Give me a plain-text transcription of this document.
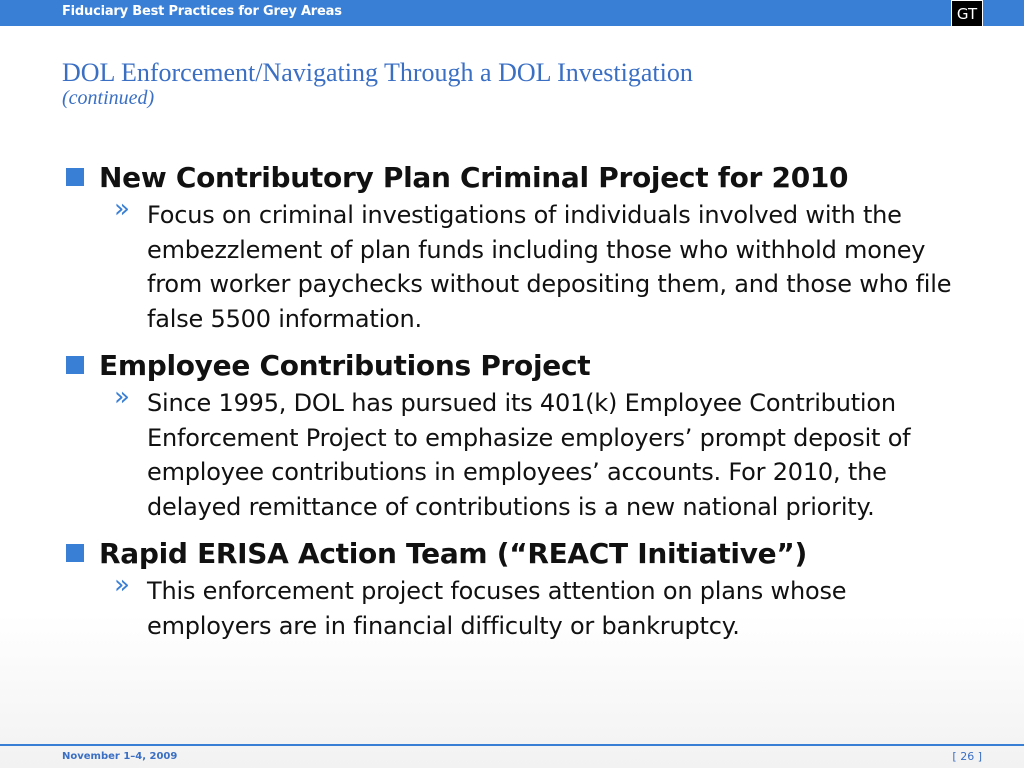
Fiduciary Best Practices for Grey Areas	GT
DOL Enforcement/Navigating Through a DOL Investigation
(continued)
New Contributory Plan Criminal Project for 2010
» Focus on criminal investigations of individuals involved with the embezzlement of plan funds including those who withhold money from worker paychecks without depositing them, and those who file false 5500 information.
Employee Contributions Project
» Since 1995, DOL has pursued its 401(k) Employee Contribution Enforcement Project to emphasize employers’ prompt deposit of employee contributions in employees’ accounts. For 2010, the delayed remittance of contributions is a new national priority.
Rapid ERISA Action Team (“REACT Initiative”)
» This enforcement project focuses attention on plans whose employers are in financial difficulty or bankruptcy.
November 1–4, 2009	[ 26 ]
